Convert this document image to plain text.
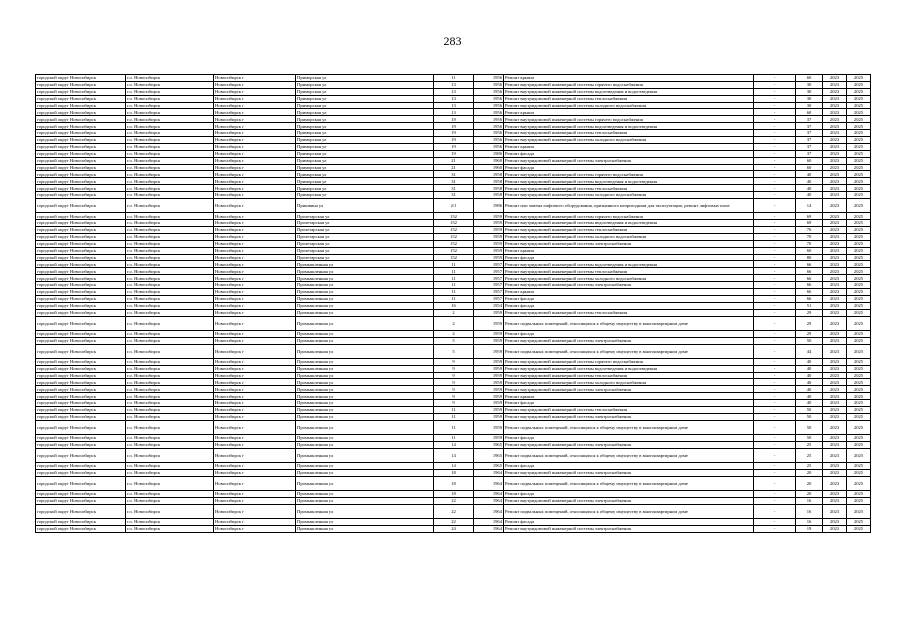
283
городской округ Новосибирск	г.о. Новосибирск	Новосибирск г	Приморская ул	11	1956	Ремонт крыши	-	60	2023	2025
городской округ Новосибирск	г.о. Новосибирск	Новосибирск г	Приморская ул	13	1956	Ремонт внутридомовой инженерной системы горячего водоснабжения	-	30	2023	2025
городской округ Новосибирск	г.о. Новосибирск	Новосибирск г	Приморская ул	13	1956	Ремонт внутридомовой инженерной системы водоотведения и водоотведения	-	30	2023	2025
городской округ Новосибирск	г.о. Новосибирск	Новосибирск г	Приморская ул	13	1956	Ремонт внутридомовой инженерной системы теплоснабжения	-	30	2023	2025
городской округ Новосибирск	г.о. Новосибирск	Новосибирск г	Приморская ул	13	1956	Ремонт внутридомовой инженерной системы холодного водоснабжения	-	30	2023	2025
городской округ Новосибирск	г.о. Новосибирск	Новосибирск г	Приморская ул	13	1956	Ремонт крыши	-	60	2023	2025
городской округ Новосибирск	г.о. Новосибирск	Новосибирск г	Приморская ул	19	1956	Ремонт внутридомовой инженерной системы горячего водоснабжения	-	37	2023	2025
городской округ Новосибирск	г.о. Новосибирск	Новосибирск г	Приморская ул	19	1956	Ремонт внутридомовой инженерной системы водоотведения и водоотведения	-	37	2023	2025
городской округ Новосибирск	г.о. Новосибирск	Новосибирск г	Приморская ул	19	1956	Ремонт внутридомовой инженерной системы теплоснабжения	-	37	2023	2025
городской округ Новосибирск	г.о. Новосибирск	Новосибирск г	Приморская ул	19	1956	Ремонт внутридомовой инженерной системы холодного водоснабжения	-	37	2023	2025
городской округ Новосибирск	г.о. Новосибирск	Новосибирск г	Приморская ул	19	1956	Ремонт крыши	-	37	2023	2025
городской округ Новосибирск	г.о. Новосибирск	Новосибирск г	Приморская ул	19	1986	Ремонт фасада	-	37	2023	2025
городской округ Новосибирск	г.о. Новосибирск	Новосибирск г	Приморская ул	21	1960	Ремонт внутридомовой инженерной системы электроснабжения	-	60	2023	2025
городской округ Новосибирск	г.о. Новосибирск	Новосибирск г	Приморская ул	21	1960	Ремонт фасада	-	60	2023	2025
городской округ Новосибирск	г.о. Новосибирск	Новосибирск г	Приморская ул	31	1958	Ремонт внутридомовой инженерной системы горячего водоснабжения	-	40	2023	2025
городской округ Новосибирск	г.о. Новосибирск	Новосибирск г	Приморская ул	31	1958	Ремонт внутридомовой инженерной системы водоотведения и водоотведения	-	40	2023	2025
городской округ Новосибирск	г.о. Новосибирск	Новосибирск г	Приморская ул	31	1958	Ремонт внутридомовой инженерной системы теплоснабжения	-	40	2023	2025
городской округ Новосибирск	г.о. Новосибирск	Новосибирск г	Приморская ул	31	1958	Ремонт внутридомовой инженерной системы холодного водоснабжения	-	40	2023	2025
городской округ Новосибирск	г.о. Новосибирск	Новосибирск г	Пришвина ул	2/1	1986	Ремонт или замена лифтового оборудования, признанного непригодным для эксплуатации, ремонт лифтовых шахт	-	14	2023	2025
городской округ Новосибирск	г.о. Новосибирск	Новосибирск г	Пролетарская ул	152	1959	Ремонт внутридомовой инженерной системы горячего водоснабжения	-	69	2023	2025
городской округ Новосибирск	г.о. Новосибирск	Новосибирск г	Пролетарская ул	152	1959	Ремонт внутридомовой инженерной системы водоотведения и водоотведения	-	69	2023	2025
городской округ Новосибирск	г.о. Новосибирск	Новосибирск г	Пролетарская ул	152	1959	Ремонт внутридомовой инженерной системы теплоснабжения	-	70	2023	2025
городской округ Новосибирск	г.о. Новосибирск	Новосибирск г	Пролетарская ул	152	1959	Ремонт внутридомовой инженерной системы холодного водоснабжения	-	70	2023	2025
городской округ Новосибирск	г.о. Новосибирск	Новосибирск г	Пролетарская ул	152	1959	Ремонт внутридомовой инженерной системы электроснабжения	-	70	2023	2025
городской округ Новосибирск	г.о. Новосибирск	Новосибирск г	Пролетарская ул	152	1959	Ремонт крыши	-	60	2023	2025
городской округ Новосибирск	г.о. Новосибирск	Новосибирск г	Пролетарская ул	152	1959	Ремонт фасада	-	80	2023	2025
городской округ Новосибирск	г.о. Новосибирск	Новосибирск г	Промышленная ул	11	1957	Ремонт внутридомовой инженерной системы водоотведения и водоотведения	-	66	2023	2025
городской округ Новосибирск	г.о. Новосибирск	Новосибирск г	Промышленная ул	11	1957	Ремонт внутридомовой инженерной системы теплоснабжения	-	66	2023	2025
городской округ Новосибирск	г.о. Новосибирск	Новосибирск г	Промышленная ул	11	1957	Ремонт внутридомовой инженерной системы холодного водоснабжения	-	66	2023	2025
городской округ Новосибирск	г.о. Новосибирск	Новосибирск г	Промышленная ул	11	1957	Ремонт внутридомовой инженерной системы электроснабжения	-	66	2023	2025
городской округ Новосибирск	г.о. Новосибирск	Новосибирск г	Промышленная ул	11	1957	Ремонт крыши	-	66	2023	2025
городской округ Новосибирск	г.о. Новосибирск	Новосибирск г	Промышленная ул	11	1957	Ремонт фасада	-	66	2023	2025
городской округ Новосибирск	г.о. Новосибирск	Новосибирск г	Промышленная ул	16	1954	Ремонт фасада	-	51	2023	2025
городской округ Новосибирск	г.о. Новосибирск	Новосибирск г	Промышленная ул	2	1959	Ремонт внутридомовой инженерной системы теплоснабжения	-	29	2023	2025
городской округ Новосибирск	г.о. Новосибирск	Новосибирск г	Промышленная ул	2	1959	Ремонт подвальных помещений, относящихся к общему имуществу в многоквартирном доме	-	29	2023	2025
городской округ Новосибирск	г.о. Новосибирск	Новосибирск г	Промышленная ул	2	1959	Ремонт фасада	-	29	2023	2025
городской округ Новосибирск	г.о. Новосибирск	Новосибирск г	Промышленная ул	5	1959	Ремонт внутридомовой инженерной системы электроснабжения	-	50	2023	2025
городской округ Новосибирск	г.о. Новосибирск	Новосибирск г	Промышленная ул	5	1959	Ремонт подвальных помещений, относящихся к общему имуществу в многоквартирном доме	-	44	2023	2025
городской округ Новосибирск	г.о. Новосибирск	Новосибирск г	Промышленная ул	9	1959	Ремонт внутридомовой инженерной системы горячего водоснабжения	-	40	2023	2025
городской округ Новосибирск	г.о. Новосибирск	Новосибирск г	Промышленная ул	9	1959	Ремонт внутридомовой инженерной системы водоотведения и водоотведения	-	40	2023	2025
городской округ Новосибирск	г.о. Новосибирск	Новосибирск г	Промышленная ул	9	1959	Ремонт внутридомовой инженерной системы теплоснабжения	-	40	2023	2025
городской округ Новосибирск	г.о. Новосибирск	Новосибирск г	Промышленная ул	9	1959	Ремонт внутридомовой инженерной системы холодного водоснабжения	-	40	2023	2025
городской округ Новосибирск	г.о. Новосибирск	Новосибирск г	Промышленная ул	9	1959	Ремонт внутридомовой инженерной системы электроснабжения	-	40	2023	2025
городской округ Новосибирск	г.о. Новосибирск	Новосибирск г	Промышленная ул	9	1959	Ремонт крыши	-	40	2023	2025
городской округ Новосибирск	г.о. Новосибирск	Новосибирск г	Промышленная ул	9	1959	Ремонт фасада	-	40	2023	2025
городской округ Новосибирск	г.о. Новосибирск	Новосибирск г	Промышленная ул	11	1959	Ремонт внутридомовой инженерной системы теплоснабжения	-	50	2023	2025
городской округ Новосибирск	г.о. Новосибирск	Новосибирск г	Промышленная ул	11	1959	Ремонт внутридомовой инженерной системы электроснабжения	-	50	2023	2025
городской округ Новосибирск	г.о. Новосибирск	Новосибирск г	Промышленная ул	11	1959	Ремонт подвальных помещений, относящихся к общему имуществу в многоквартирном доме	-	50	2023	2025
городской округ Новосибирск	г.о. Новосибирск	Новосибирск г	Промышленная ул	11	1959	Ремонт фасада	-	50	2023	2025
городской округ Новосибирск	г.о. Новосибирск	Новосибирск г	Промышленная ул	14	1965	Ремонт внутридомовой инженерной системы электроснабжения	-	25	2023	2025
городской округ Новосибирск	г.о. Новосибирск	Новосибирск г	Промышленная ул	14	1965	Ремонт подвальных помещений, относящихся к общему имуществу в многоквартирном доме	-	25	2023	2025
городской округ Новосибирск	г.о. Новосибирск	Новосибирск г	Промышленная ул	14	1965	Ремонт фасада	-	25	2023	2025
городской округ Новосибирск	г.о. Новосибирск	Новосибирск г	Промышленная ул	18	1964	Ремонт внутридомовой инженерной системы электроснабжения	-	20	2023	2025
городской округ Новосибирск	г.о. Новосибирск	Новосибирск г	Промышленная ул	18	1964	Ремонт подвальных помещений, относящихся к общему имуществу в многоквартирном доме	-	20	2023	2025
городской округ Новосибирск	г.о. Новосибирск	Новосибирск г	Промышленная ул	18	1964	Ремонт фасада	-	20	2023	2025
городской округ Новосибирск	г.о. Новосибирск	Новосибирск г	Промышленная ул	22	1964	Ремонт внутридомовой инженерной системы электроснабжения	-	16	2023	2025
городской округ Новосибирск	г.о. Новосибирск	Новосибирск г	Промышленная ул	22	1964	Ремонт подвальных помещений, относящихся к общему имуществу в многоквартирном доме	-	16	2023	2025
городской округ Новосибирск	г.о. Новосибирск	Новосибирск г	Промышленная ул	22	1964	Ремонт фасада	-	16	2023	2025
городской округ Новосибирск	г.о. Новосибирск	Новосибирск г	Промышленная ул	24	1964	Ремонт внутридомовой инженерной системы электроснабжения	-	19	2023	2025
